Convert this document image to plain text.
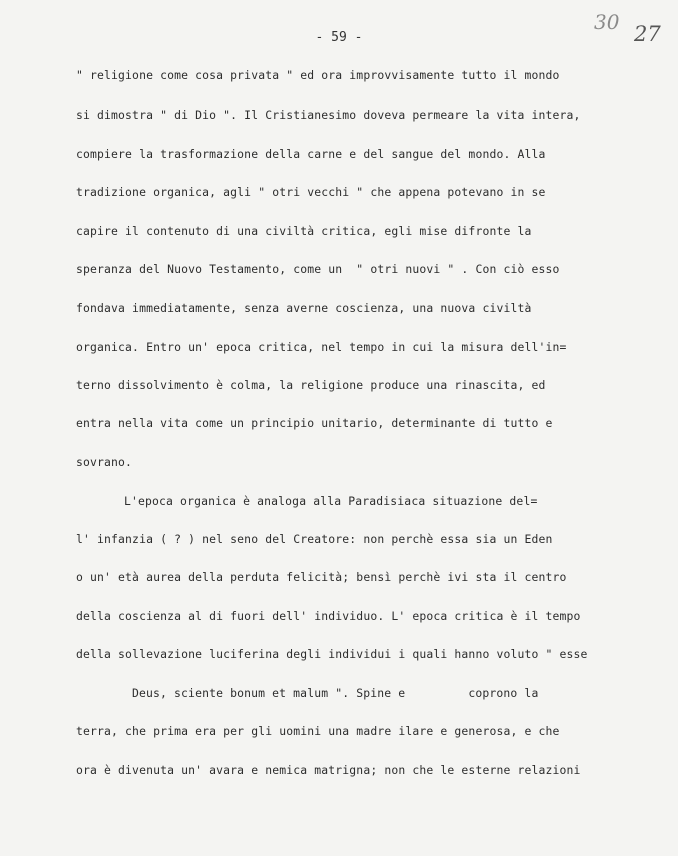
- 59 -
30 27
" religione come cosa privata " ed ora improvvisamente tutto il mondo
si dimostra " di Dio ". Il Cristianesimo doveva permeare la vita intera,
compiere la trasformazione della carne e del sangue del mondo. Alla
tradizione organica, agli " otri vecchi " che appena potevano in se
capire il contenuto di una civiltà critica, egli mise difronte la
speranza del Nuovo Testamento, come un  " otri nuovi " . Con ciò esso
fondava immediatamente, senza averne coscienza, una nuova civiltà
organica. Entro un' epoca critica, nel tempo in cui la misura dell'in=
terno dissolvimento è colma, la religione produce una rinascita, ed
entra nella vita come un principio unitario, determinante di tutto e
sovrano.
L'epoca organica è analoga alla Paradisiaca situazione del=
l' infanzia ( ? ) nel seno del Creatore: non perchè essa sia un Eden
o un' età aurea della perduta felicità; bensì perchè ivi sta il centro
della coscienza al di fuori dell' individuo. L' epoca critica è il tempo
della sollevazione luciferina degli individui i quali hanno voluto " esse
Deus, sciente bonum et malum ". Spine e         coprono la
terra, che prima era per gli uomini una madre ilare e generosa, e che
ora è divenuta un' avara e nemica matrigna; non che le esterne relazioni
